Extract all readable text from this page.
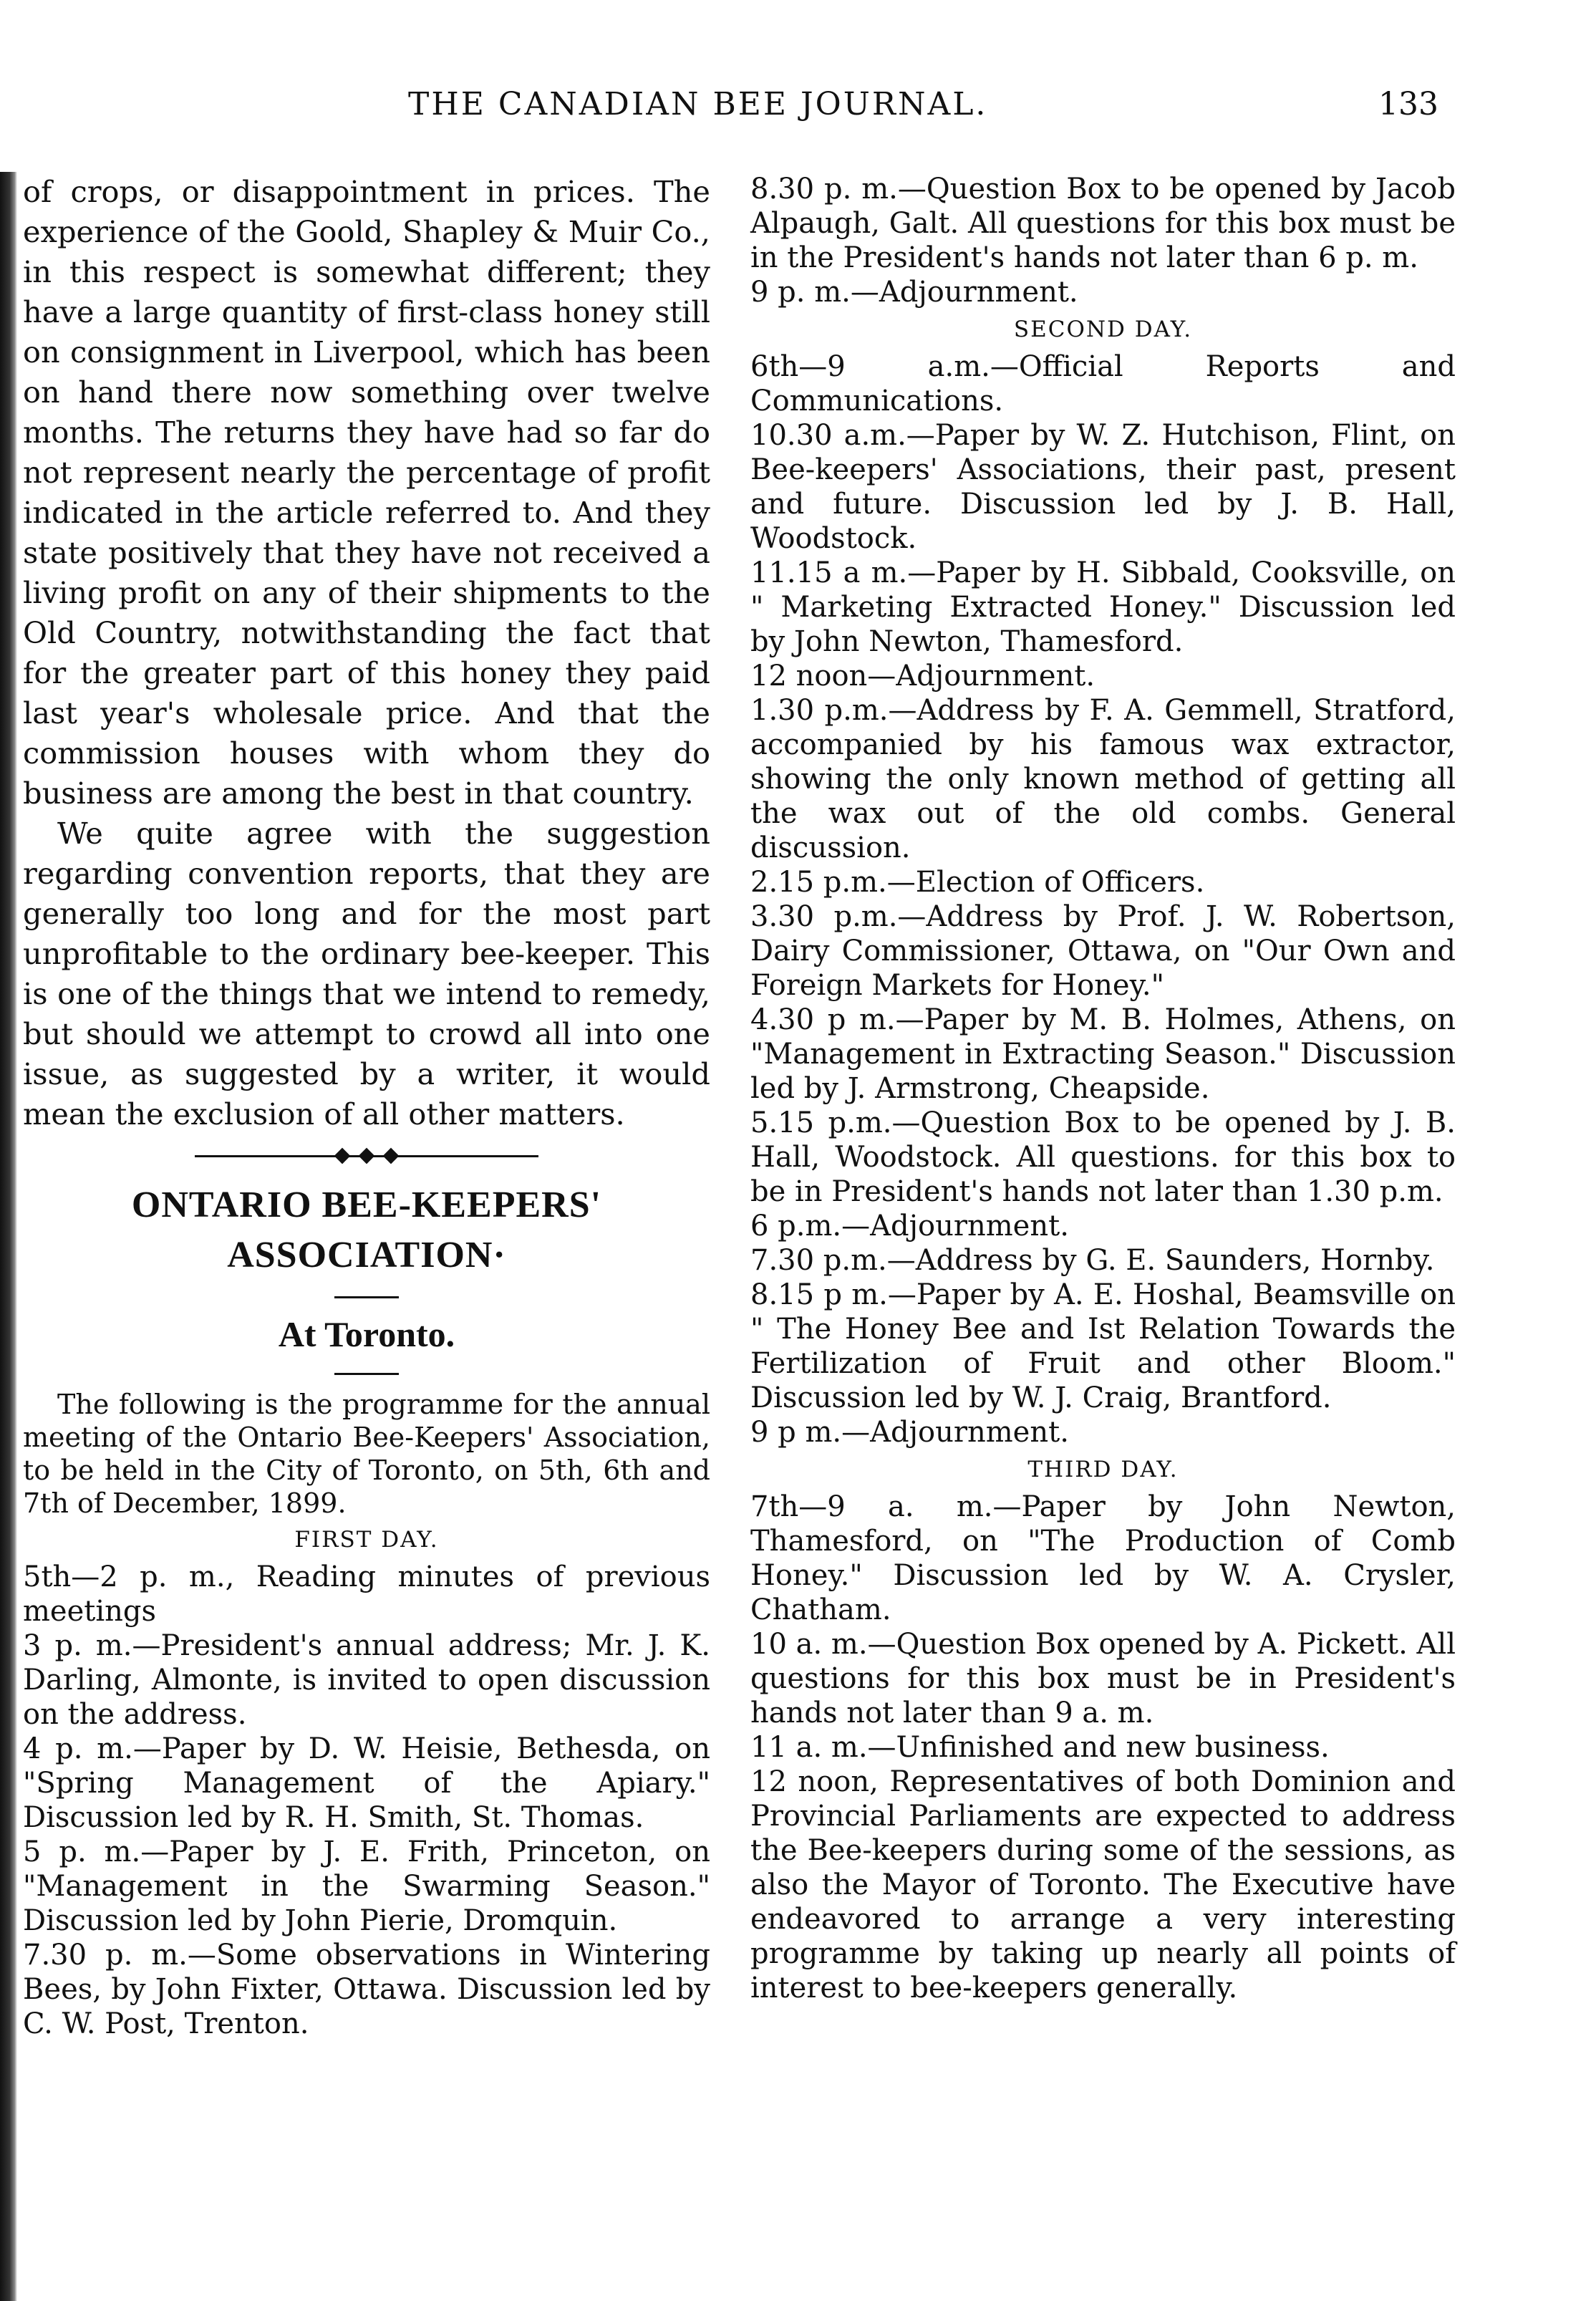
THE CANADIAN BEE JOURNAL.	133

of crops, or disappointment in prices. The experience of the Goold, Shapley & Muir Co., in this respect is somewhat different; they have a large quantity of first-class honey still on consignment in Liverpool, which has been on hand there now something over twelve months. The returns they have had so far do not represent nearly the percentage of profit indicated in the article referred to. And they state positively that they have not received a living profit on any of their shipments to the Old Country, notwithstanding the fact that for the greater part of this honey they paid last year's wholesale price. And that the commission houses with whom they do business are among the best in that country.

We quite agree with the suggestion regarding convention reports, that they are generally too long and for the most part unprofitable to the ordinary bee-keeper. This is one of the things that we intend to remedy, but should we attempt to crowd all into one issue, as suggested by a writer, it would mean the exclusion of all other matters.

ONTARIO BEE-KEEPERS'
ASSOCIATION·
At Toronto.

The following is the programme for the annual meeting of the Ontario Bee-Keepers' Association, to be held in the City of Toronto, on 5th, 6th and 7th of December, 1899.

FIRST DAY.

5th—2 p. m., Reading minutes of previous meetings

3 p. m.—President's annual address; Mr. J. K. Darling, Almonte, is invited to open discussion on the address.

4 p. m.—Paper by D. W. Heisie, Bethesda, on "Spring Management of the Apiary." Discussion led by R. H. Smith, St. Thomas.

5 p. m.—Paper by J. E. Frith, Princeton, on "Management in the Swarming Season." Discussion led by John Pierie, Dromquin.

7.30 p. m.—Some observations in Wintering Bees, by John Fixter, Ottawa. Discussion led by C. W. Post, Trenton.

8.30 p. m.—Question Box to be opened by Jacob Alpaugh, Galt. All questions for this box must be in the President's hands not later than 6 p. m.

9 p. m.—Adjournment.

SECOND DAY.

6th—9 a.m.—Official Reports and Communications.

10.30 a.m.—Paper by W. Z. Hutchison, Flint, on Bee-keepers' Associations, their past, present and future. Discussion led by J. B. Hall, Woodstock.

11.15 a m.—Paper by H. Sibbald, Cooksville, on " Marketing Extracted Honey." Discussion led by John Newton, Thamesford.

12 noon—Adjournment.

1.30 p.m.—Address by F. A. Gemmell, Stratford, accompanied by his famous wax extractor, showing the only known method of getting all the wax out of the old combs. General discussion.

2.15 p.m.—Election of Officers.

3.30 p.m.—Address by Prof. J. W. Robertson, Dairy Commissioner, Ottawa, on "Our Own and Foreign Markets for Honey."

4.30 p m.—Paper by M. B. Holmes, Athens, on "Management in Extracting Season." Discussion led by J. Armstrong, Cheapside.

5.15 p.m.—Question Box to be opened by J. B. Hall, Woodstock. All questions. for this box to be in President's hands not later than 1.30 p.m.

6 p.m.—Adjournment.

7.30 p.m.—Address by G. E. Saunders, Hornby.

8.15 p m.—Paper by A. E. Hoshal, Beamsville on " The Honey Bee and Ist Relation Towards the Fertilization of Fruit and other Bloom." Discussion led by W. J. Craig, Brantford.

9 p m.—Adjournment.

THIRD DAY.

7th—9 a. m.—Paper by John Newton, Thamesford, on "The Production of Comb Honey." Discussion led by W. A. Crysler, Chatham.

10 a. m.—Question Box opened by A. Pickett. All questions for this box must be in President's hands not later than 9 a. m.

11 a. m.—Unfinished and new business.

12 noon, Representatives of both Dominion and Provincial Parliaments are expected to address the Bee-keepers during some of the sessions, as also the Mayor of Toronto. The Executive have endeavored to arrange a very interesting programme by taking up nearly all points of interest to bee-keepers generally.
